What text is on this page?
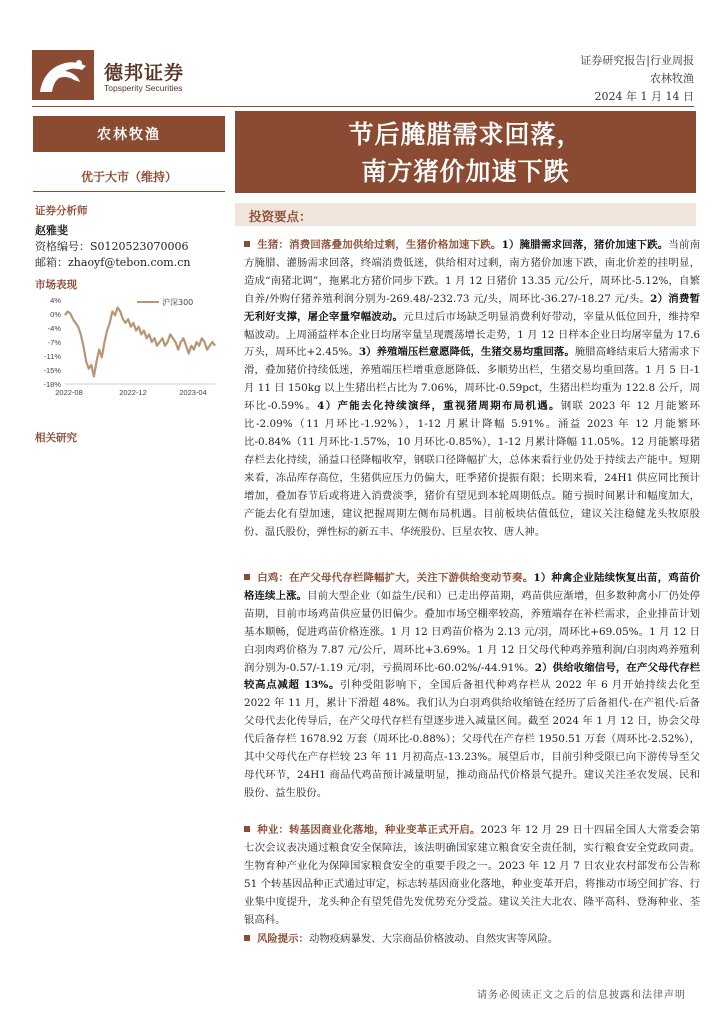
德邦证券
Topsperity Securities
证券研究报告|行业周报
农林牧渔
2024 年 1 月 14 日
农林牧渔
优于大市（维持）
证券分析师
赵雅斐
资格编号：S0120523070006
邮箱：zhaoyf@tebon.com.cn
市场表现
4%
0%
-4%
-7%
-11%
-15%
-18%
2022-08	2022-12	2023-04
沪深300
相关研究
节后腌腊需求回落，
南方猪价加速下跌
投资要点：
生猪：消费回落叠加供给过剩，生猪价格加速下跌。1）腌腊需求回落，猪价加速下跌。当前南方腌腊、灌肠需求回落，终端消费低迷，供给相对过剩，南方猪价加速下跌，南北价差的挂明显，造成“南猪北调”，拖累北方猪价同步下跌。1 月 12 日猪价 13.35 元/公斤，周环比-5.12%，自繁自养/外购仔猪养殖利润分别为-269.48/-232.73 元/头，周环比-36.27/-18.27 元/头。2）消费暂无利好支撑，屠企宰量窄幅波动。元旦过后市场缺乏明显消费利好带动，宰量从低位回升，维持窄幅波动。上周涌益样本企业日均屠宰量呈现震荡增长走势，1 月 12 日样本企业日均屠宰量为 17.6 万头，周环比+2.45%。3）养殖端压栏意愿降低，生猪交易均重回落。腌腊高峰结束后大猪需求下滑，叠加猪价持续低迷，养殖端压栏增重意愿降低、多顺势出栏，生猪交易均重回落。1 月 5 日-1 月 11 日 150kg 以上生猪出栏占比为 7.06%，周环比-0.59pct，生猪出栏均重为 122.8 公斤，周环比-0.59%。4）产能去化持续演绎，重视猪周期布局机遇。钢联 2023 年 12 月能繁环比-2.09%（11 月环比-1.92%），1-12 月累计降幅 5.91%。涌益 2023 年 12 月能繁环比-0.84%（11 月环比-1.57%，10 月环比-0.85%），1-12 月累计降幅 11.05%。12 月能繁母猪存栏去化持续，涌益口径降幅收窄，钢联口径降幅扩大，总体来看行业仍处于持续去产能中。短期来看，冻品库存高位，生猪供应压力仍偏大，旺季猪价提振有限；长期来看，24H1 供应同比预计增加，叠加春节后或将进入消费淡季，猪价有望见到本轮周期低点。随亏损时间累计和幅度加大，产能去化有望加速，建议把握周期左侧布局机遇。目前板块估值低位，建议关注稳健龙头牧原股份、温氏股份，弹性标的新五丰、华统股份、巨星农牧、唐人神。
白鸡：在产父母代存栏降幅扩大，关注下游供给变动节奏。1）种禽企业陆续恢复出苗，鸡苗价格连续上涨。目前大型企业（如益生/民和）已走出停苗期，鸡苗供应渐增，但多数种禽小厂仍处停苗期，目前市场鸡苗供应量仍旧偏少。叠加市场空棚率较高，养殖端存在补栏需求，企业排苗计划基本顺畅，促进鸡苗价格连涨。1 月 12 日鸡苗价格为 2.13 元/羽，周环比+69.05%。1 月 12 日白羽肉鸡价格为 7.87 元/公斤，周环比+3.69%。1 月 12 日父母代种鸡养殖利润/白羽肉鸡养殖利润分别为-0.57/-1.19 元/羽，亏损周环比-60.02%/-44.91%。2）供给收缩信号，在产父母代存栏较高点减超 13%。引种受阻影响下，全国后备祖代种鸡存栏从 2022 年 6 月开始持续去化至 2022 年 11 月，累计下滑超 48%。我们认为白羽鸡供给收缩链在经历了后备祖代-在产祖代-后备父母代去化传导后，在产父母代存栏有望逐步进入减量区间。截至 2024 年 1 月 12 日，协会父母代后备存栏 1678.92 万套（周环比-0.88%）；父母代在产存栏 1950.51 万套（周环比-2.52%），其中父母代在产存栏较 23 年 11 月初高点-13.23%。展望后市，目前引种受限已向下游传导至父母代环节，24H1 商品代鸡苗预计减量明显，推动商品代价格景气提升。建议关注圣农发展、民和股份、益生股份。
种业：转基因商业化落地，种业变革正式开启。2023 年 12 月 29 日十四届全国人大常委会第七次会议表决通过粮食安全保障法，该法明确国家建立粮食安全责任制，实行粮食安全党政同责。生物育种产业化为保障国家粮食安全的重要手段之一。2023 年 12 月 7 日农业农村部发布公告称 51 个转基因品种正式通过审定，标志转基因商业化落地，种业变革开启，将推动市场空间扩容、行业集中度提升，龙头种企有望凭借先发优势充分受益。建议关注大北农、隆平高科、登海种业、荃银高科。
风险提示：动物疫病暴发、大宗商品价格波动、自然灾害等风险。
请务必阅读正文之后的信息披露和法律声明
